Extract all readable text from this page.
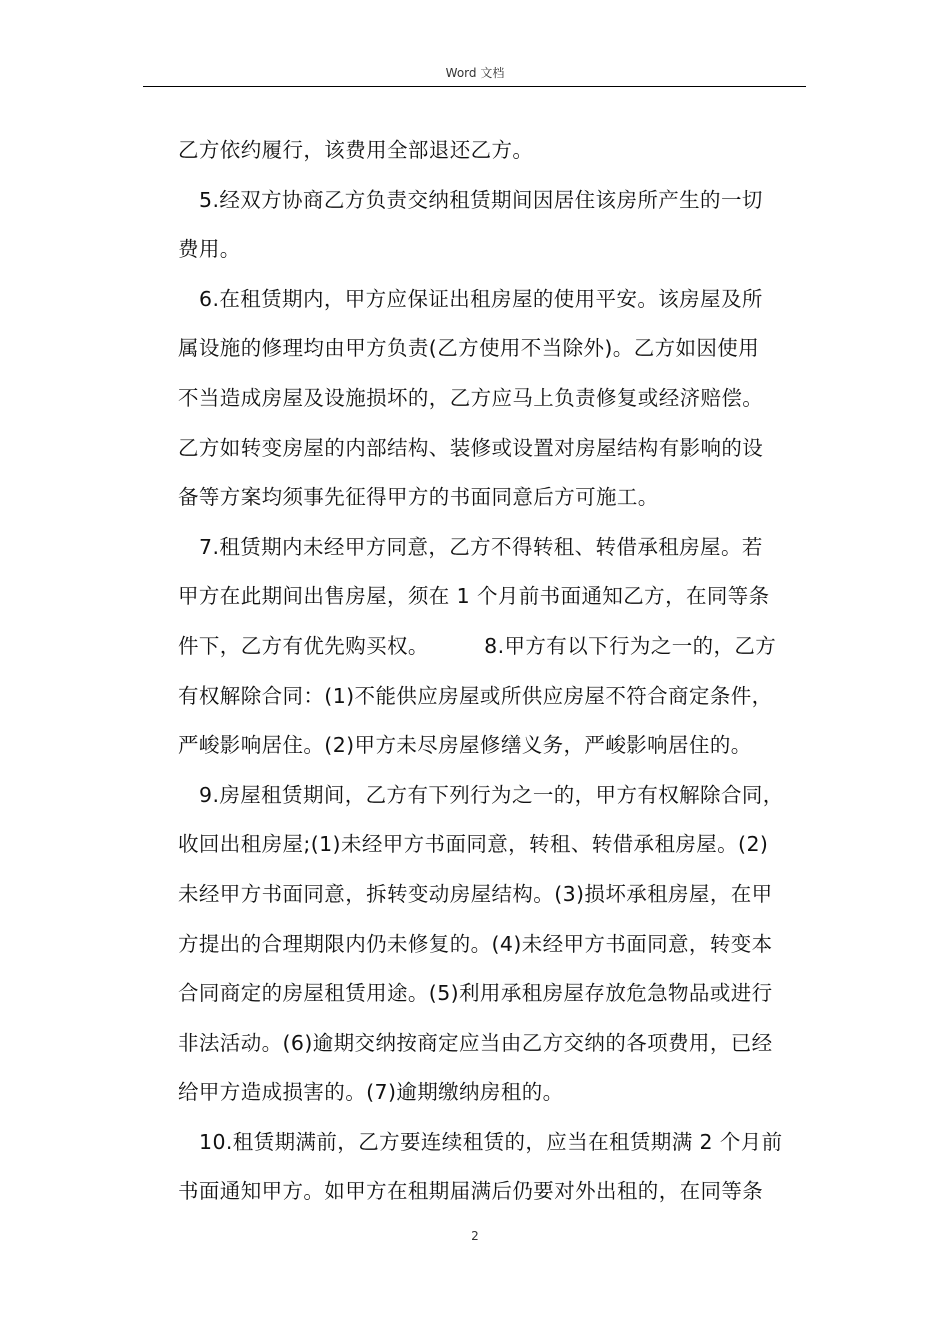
Word 文档

乙方依约履行，该费用全部退还乙方。

5.经双方协商乙方负责交纳租赁期间因居住该房所产生的一切

费用。

6.在租赁期内，甲方应保证出租房屋的使用平安。该房屋及所

属设施的修理均由甲方负责(乙方使用不当除外)。乙方如因使用

不当造成房屋及设施损坏的，乙方应马上负责修复或经济赔偿。

乙方如转变房屋的内部结构、装修或设置对房屋结构有影响的设

备等方案均须事先征得甲方的书面同意后方可施工。

7.租赁期内未经甲方同意，乙方不得转租、转借承租房屋。若

甲方在此期间出售房屋，须在 1 个月前书面通知乙方，在同等条

件下，乙方有优先购买权。        8.甲方有以下行为之一的，乙方

有权解除合同：(1)不能供应房屋或所供应房屋不符合商定条件，

严峻影响居住。(2)甲方未尽房屋修缮义务，严峻影响居住的。

9.房屋租赁期间，乙方有下列行为之一的，甲方有权解除合同，

收回出租房屋;(1)未经甲方书面同意，转租、转借承租房屋。(2)

未经甲方书面同意，拆转变动房屋结构。(3)损坏承租房屋，在甲

方提出的合理期限内仍未修复的。(4)未经甲方书面同意，转变本

合同商定的房屋租赁用途。(5)利用承租房屋存放危急物品或进行

非法活动。(6)逾期交纳按商定应当由乙方交纳的各项费用，已经

给甲方造成损害的。(7)逾期缴纳房租的。

10.租赁期满前，乙方要连续租赁的，应当在租赁期满 2 个月前

书面通知甲方。如甲方在租期届满后仍要对外出租的，在同等条

2
